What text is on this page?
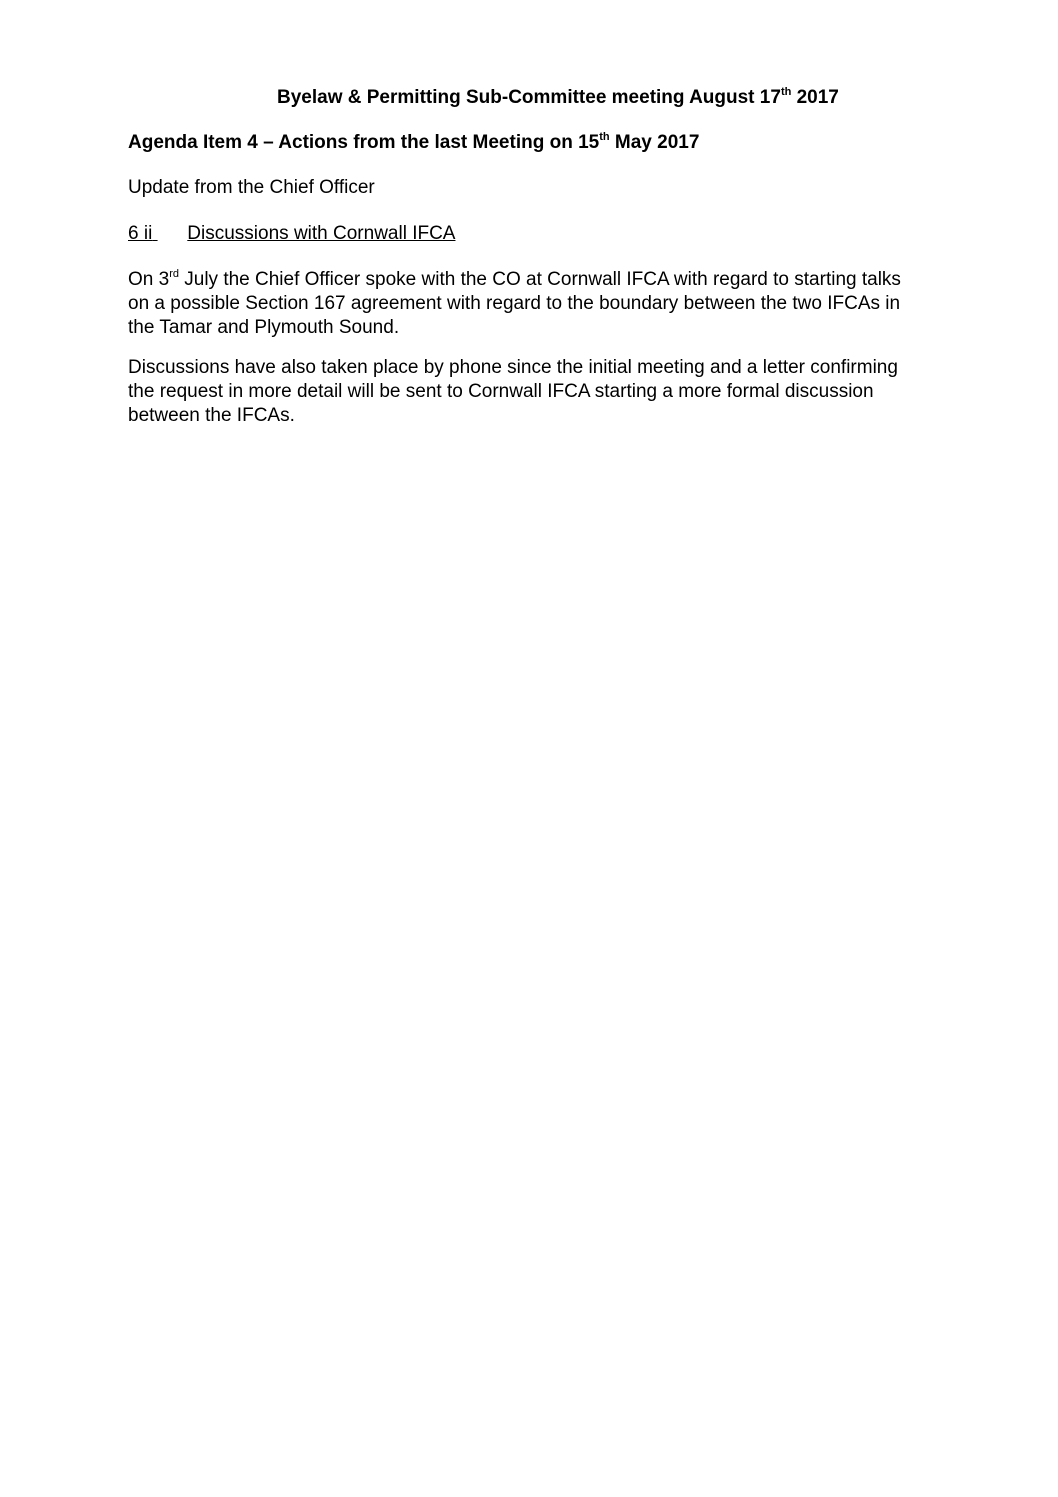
Byelaw & Permitting Sub-Committee meeting August 17th 2017
Agenda Item 4 – Actions from the last Meeting on 15th May 2017
Update from the Chief Officer
6 ii Discussions with Cornwall IFCA
On 3rd July the Chief Officer spoke with the CO at Cornwall IFCA with regard to starting talks
on a possible Section 167 agreement with regard to the boundary between the two IFCAs in
the Tamar and Plymouth Sound.
Discussions have also taken place by phone since the initial meeting and a letter confirming
the request in more detail will be sent to Cornwall IFCA starting a more formal discussion
between the IFCAs.
